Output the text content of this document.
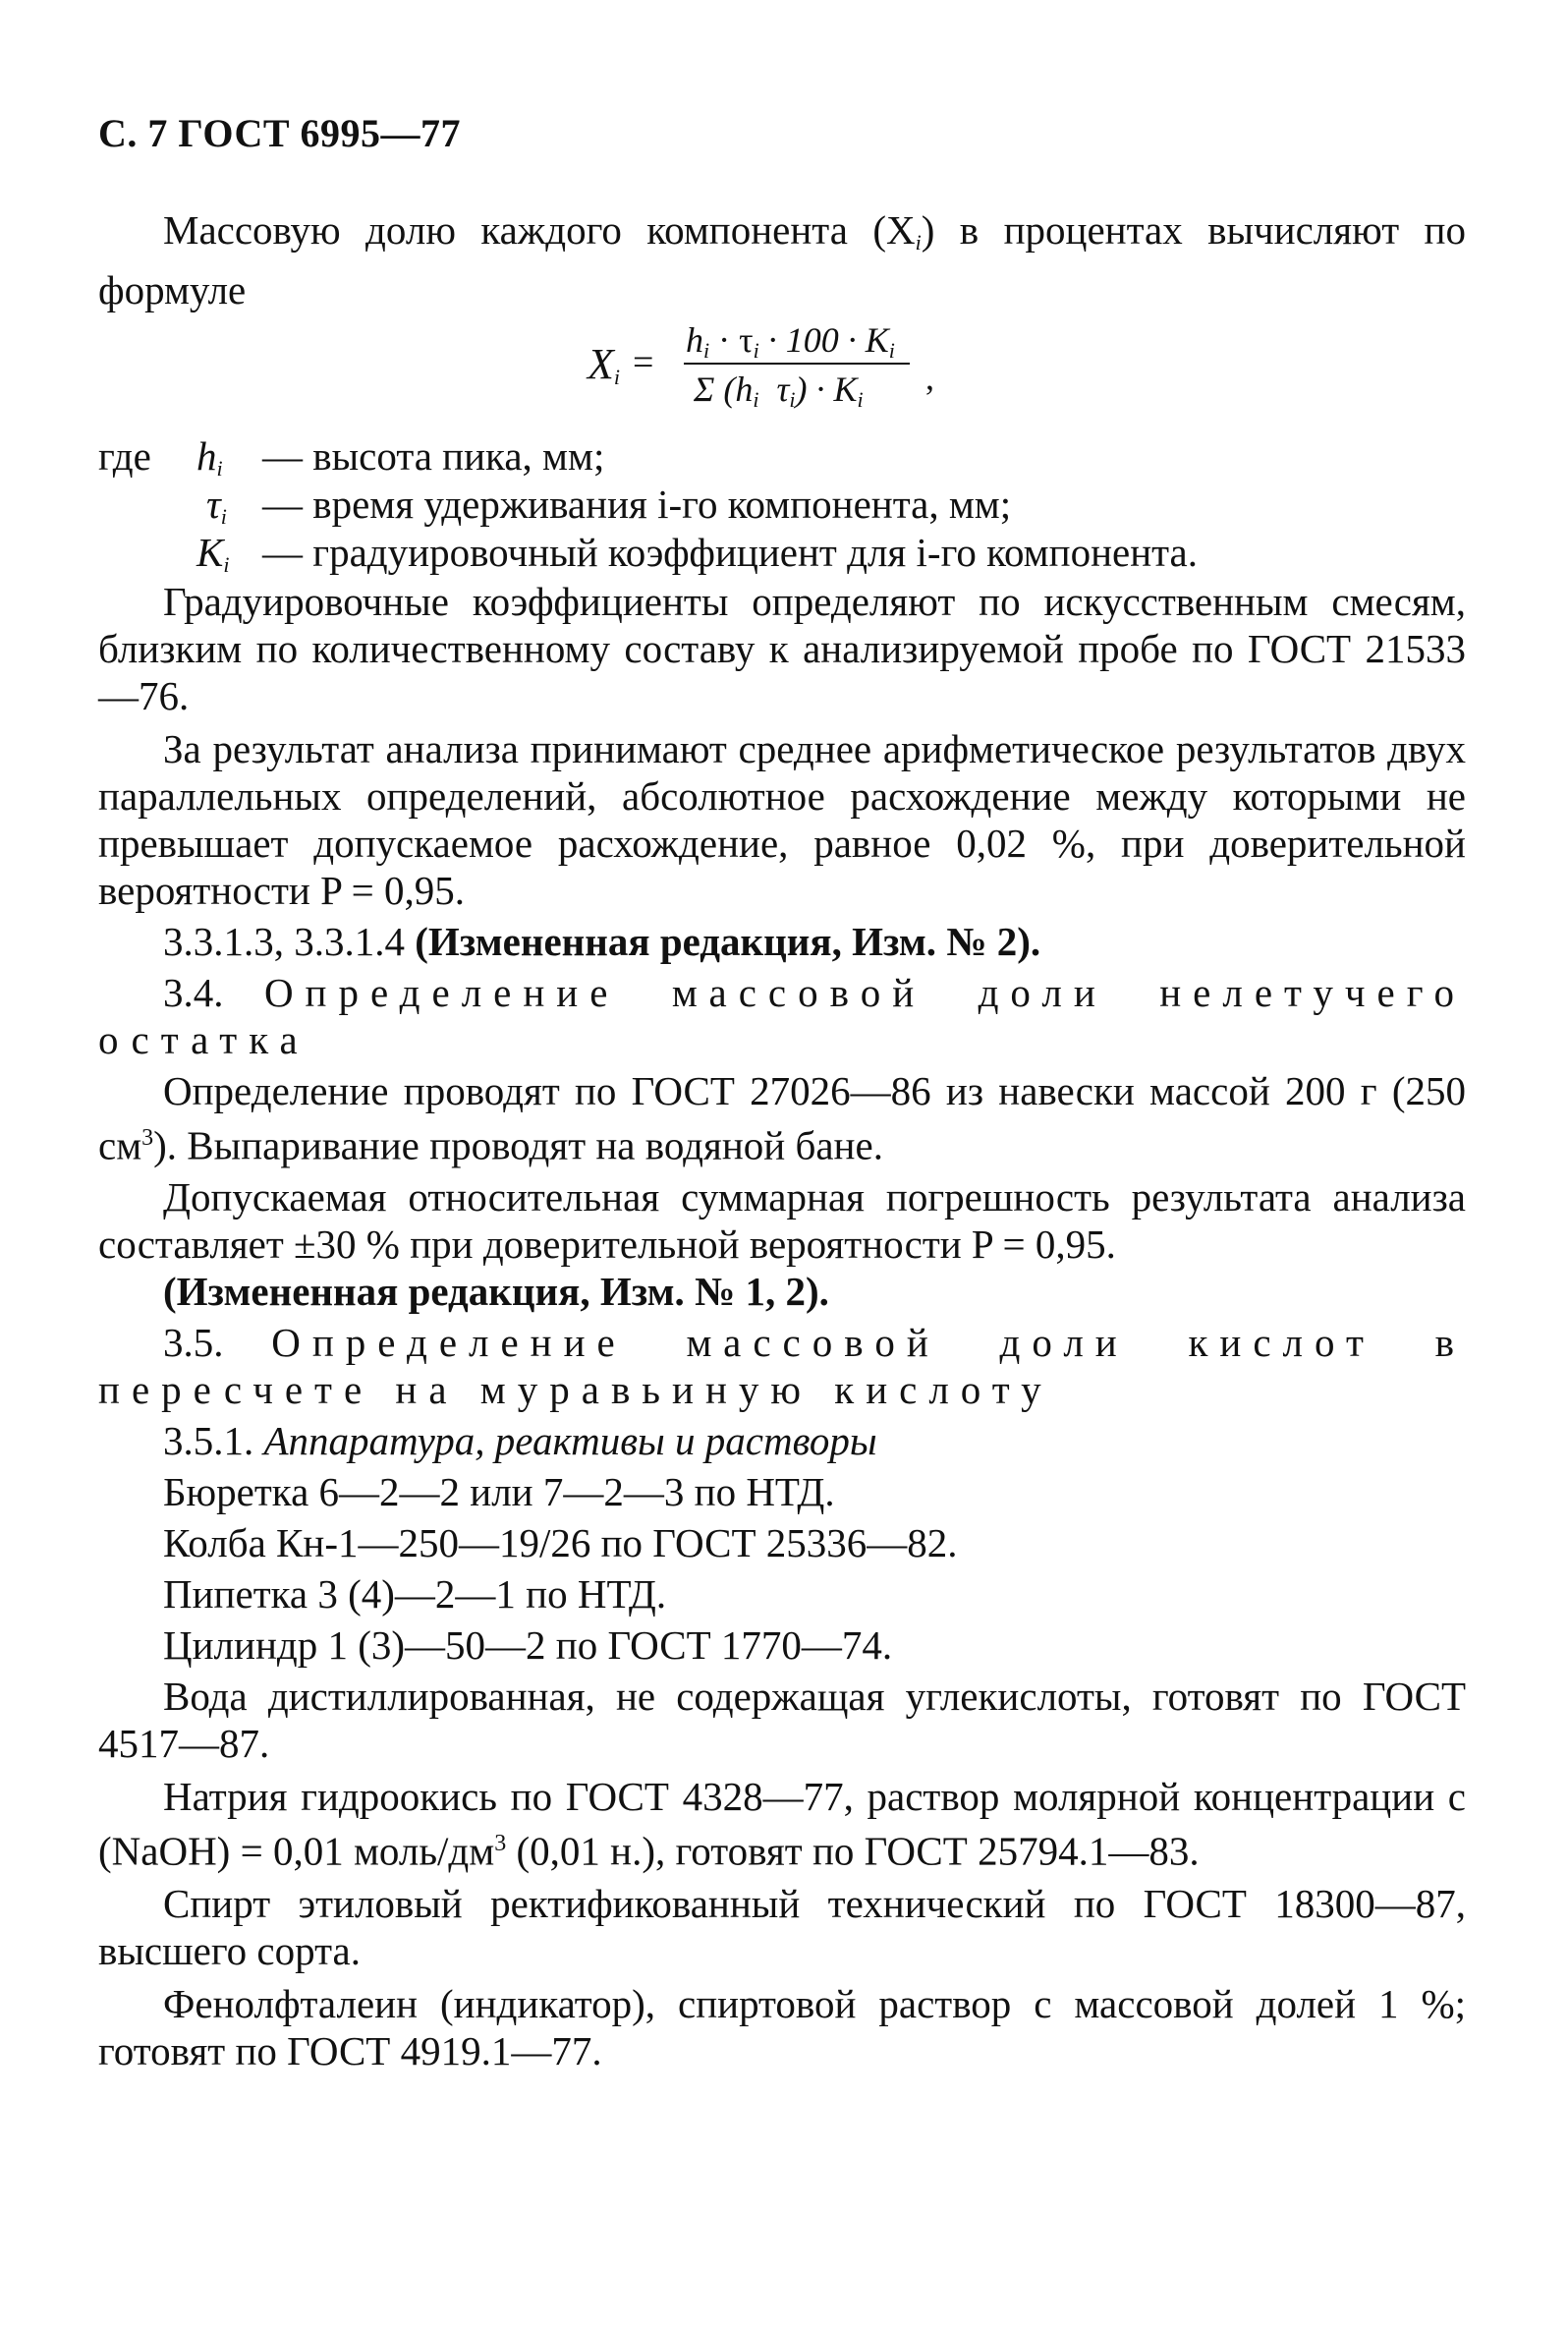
С. 7 ГОСТ 6995—77

Массовую долю каждого компонента $(X_i)$ в процентах вычисляют по формуле

$X_i$ =
$h_i \cdot \tau_i \cdot 100 \cdot K_i$
Σ ($h_i$ $\tau_i) \cdot K_i$
,
где $h_i$ — высота пика, мм;
$\tau_i$ — время удерживания i-го компонента, мм;
$K_i$ — градуировочный коэффициент для i-го компонента.

Градуировочные коэффициенты определяют по искусственным смесям, близким по количественному составу к анализируемой пробе по ГОСТ 21533—76.

За результат анализа принимают среднее арифметическое результатов двух параллельных определений, абсолютное расхождение между которыми не превышает допускаемое расхождение, равное 0,02 %, при доверительной вероятности P = 0,95.

3.3.1.3, 3.3.1.4 (Измененная редакция, Изм. № 2).

3.4. Определение массовой доли нелетучего остатка

Определение проводят по ГОСТ 27026—86 из навески массой 200 г (250 $см^3$). Выпаривание проводят на водяной бане.

Допускаемая относительная суммарная погрешность результата анализа составляет ±30 % при доверительной вероятности P = 0,95.

(Измененная редакция, Изм. № 1, 2).

3.5. Определение массовой доли кислот в пересчете на муравьиную кислоту

3.5.1. Аппаратура, реактивы и растворы

Бюретка 6—2—2 или 7—2—3 по НТД.

Колба Кн-1—250—19/26 по ГОСТ 25336—82.

Пипетка 3 (4)—2—1 по НТД.

Цилиндр 1 (3)—50—2 по ГОСТ 1770—74.

Вода дистиллированная, не содержащая углекислоты, готовят по ГОСТ 4517—87.

Натрия гидроокись по ГОСТ 4328—77, раствор молярной концентрации c (NaOH) = 0,01 моль/$дм^3$ (0,01 н.), готовят по ГОСТ 25794.1—83.

Спирт этиловый ректификованный технический по ГОСТ 18300—87, высшего сорта.

Фенолфталеин (индикатор), спиртовой раствор с массовой долей 1 %; готовят по ГОСТ 4919.1—77.
